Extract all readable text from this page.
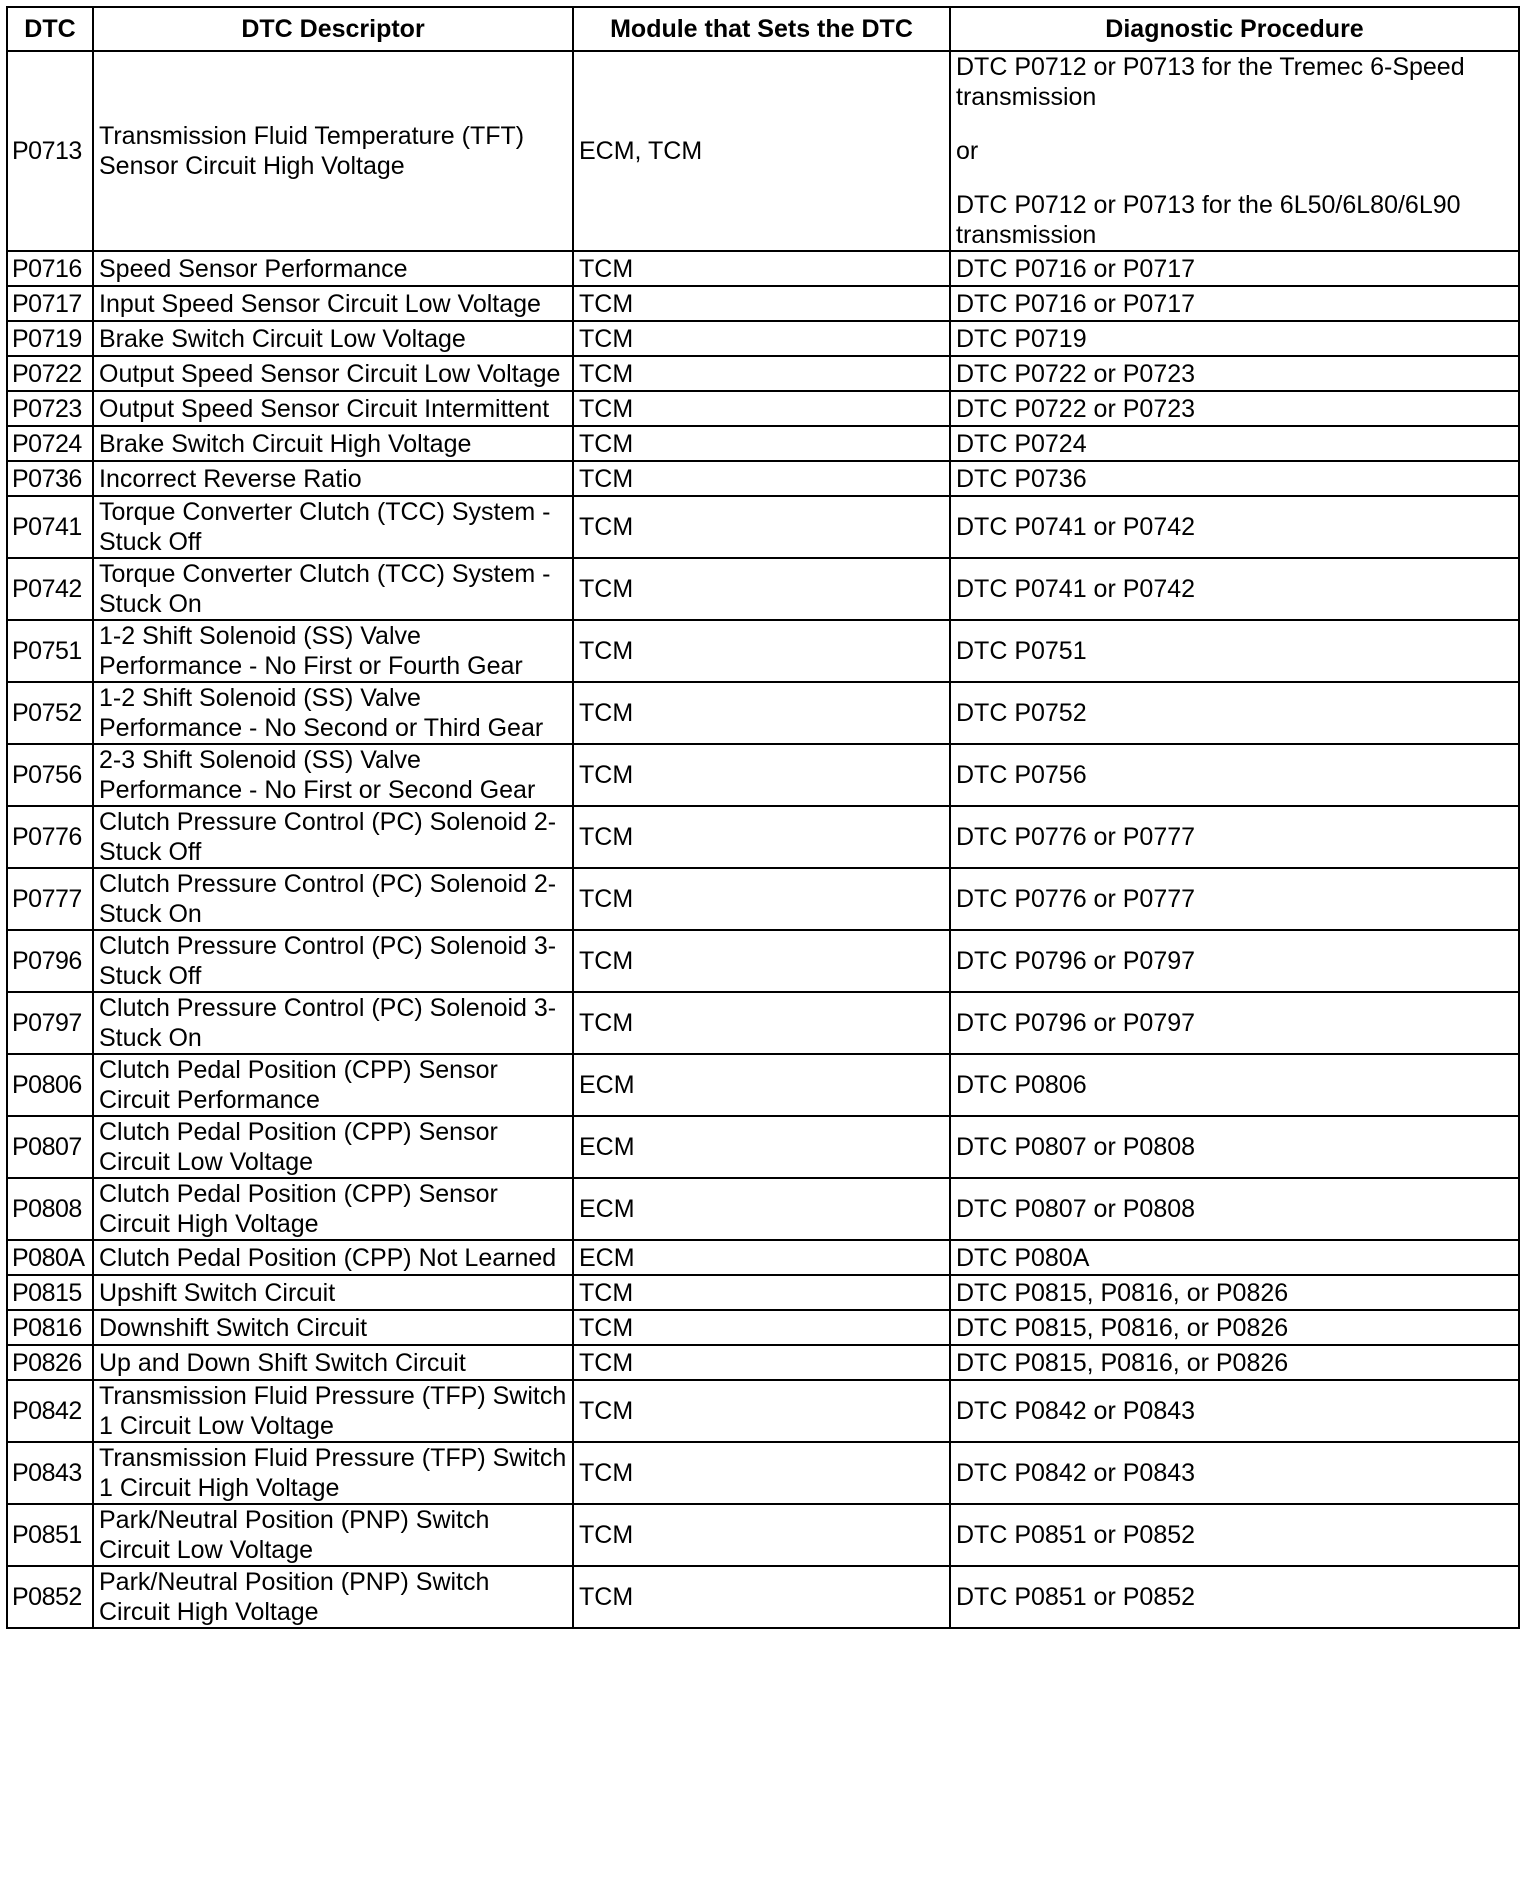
DTC	DTC Descriptor	Module that Sets the DTC	Diagnostic Procedure
P0713	Transmission Fluid Temperature (TFT) Sensor Circuit High Voltage	ECM, TCM	DTC P0712 or P0713 for the Tremec 6-Speed transmission
or
DTC P0712 or P0713 for the 6L50/6L80/6L90 transmission

P0716	Speed Sensor Performance	TCM	DTC P0716 or P0717

P0717	Input Speed Sensor Circuit Low Voltage	TCM	DTC P0716 or P0717

P0719	Brake Switch Circuit Low Voltage	TCM	DTC P0719

P0722	Output Speed Sensor Circuit Low Voltage	TCM	DTC P0722 or P0723

P0723	Output Speed Sensor Circuit Intermittent	TCM	DTC P0722 or P0723

P0724	Brake Switch Circuit High Voltage	TCM	DTC P0724

P0736	Incorrect Reverse Ratio	TCM	DTC P0736

P0741	Torque Converter Clutch (TCC) System - Stuck Off	TCM	DTC P0741 or P0742

P0742	Torque Converter Clutch (TCC) System - Stuck On	TCM	DTC P0741 or P0742

P0751	1-2 Shift Solenoid (SS) Valve Performance - No First or Fourth Gear	TCM	DTC P0751

P0752	1-2 Shift Solenoid (SS) Valve Performance - No Second or Third Gear	TCM	DTC P0752

P0756	2-3 Shift Solenoid (SS) Valve Performance - No First or Second Gear	TCM	DTC P0756

P0776	Clutch Pressure Control (PC) Solenoid 2-Stuck Off	TCM	DTC P0776 or P0777

P0777	Clutch Pressure Control (PC) Solenoid 2-Stuck On	TCM	DTC P0776 or P0777

P0796	Clutch Pressure Control (PC) Solenoid 3-Stuck Off	TCM	DTC P0796 or P0797

P0797	Clutch Pressure Control (PC) Solenoid 3-Stuck On	TCM	DTC P0796 or P0797

P0806	Clutch Pedal Position (CPP) Sensor Circuit Performance	ECM	DTC P0806

P0807	Clutch Pedal Position (CPP) Sensor Circuit Low Voltage	ECM	DTC P0807 or P0808

P0808	Clutch Pedal Position (CPP) Sensor Circuit High Voltage	ECM	DTC P0807 or P0808

P080A	Clutch Pedal Position (CPP) Not Learned	ECM	DTC P080A

P0815	Upshift Switch Circuit	TCM	DTC P0815, P0816, or P0826

P0816	Downshift Switch Circuit	TCM	DTC P0815, P0816, or P0826

P0826	Up and Down Shift Switch Circuit	TCM	DTC P0815, P0816, or P0826

P0842	Transmission Fluid Pressure (TFP) Switch 1 Circuit Low Voltage	TCM	DTC P0842 or P0843

P0843	Transmission Fluid Pressure (TFP) Switch 1 Circuit High Voltage	TCM	DTC P0842 or P0843

P0851	Park/Neutral Position (PNP) Switch Circuit Low Voltage	TCM	DTC P0851 or P0852

P0852	Park/Neutral Position (PNP) Switch Circuit High Voltage	TCM	DTC P0851 or P0852
